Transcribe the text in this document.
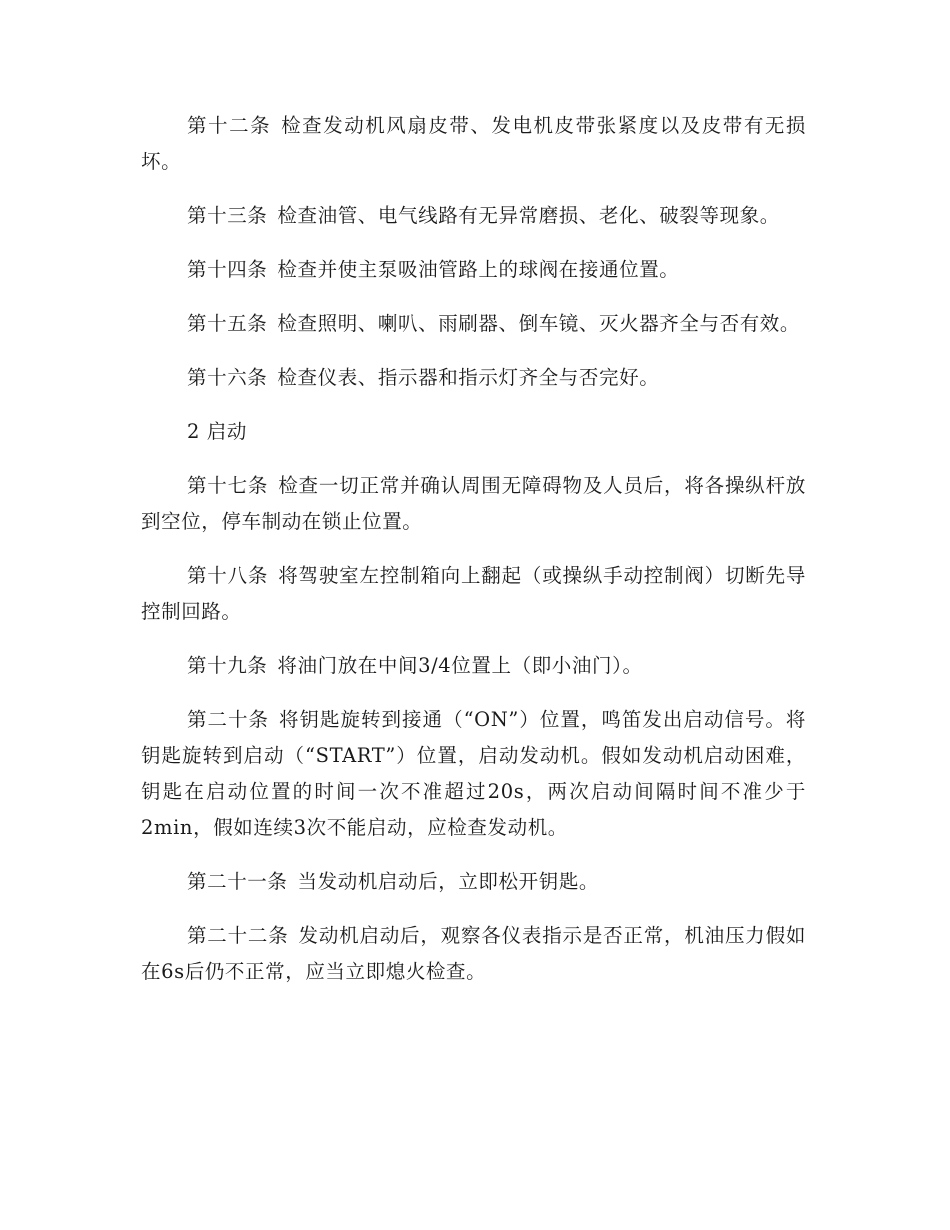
第十二条 检查发动机风扇皮带、发电机皮带张紧度以及皮带有无损坏。

第十三条 检查油管、电气线路有无异常磨损、老化、破裂等现象。

第十四条 检查并使主泵吸油管路上的球阀在接通位置。

第十五条 检查照明、喇叭、雨刷器、倒车镜、灭火器齐全与否有效。

第十六条 检查仪表、指示器和指示灯齐全与否完好。

2 启动

第十七条 检查一切正常并确认周围无障碍物及人员后，将各操纵杆放到空位，停车制动在锁止位置。

第十八条 将驾驶室左控制箱向上翻起（或操纵手动控制阀）切断先导控制回路。

第十九条 将油门放在中间3/4位置上（即小油门）。

第二十条 将钥匙旋转到接通（“ON”）位置，鸣笛发出启动信号。将钥匙旋转到启动（“START”）位置，启动发动机。假如发动机启动困难，钥匙在启动位置的时间一次不准超过20s，两次启动间隔时间不准少于2min，假如连续3次不能启动，应检查发动机。

第二十一条 当发动机启动后，立即松开钥匙。

第二十二条 发动机启动后，观察各仪表指示是否正常，机油压力假如在6s后仍不正常，应当立即熄火检查。
